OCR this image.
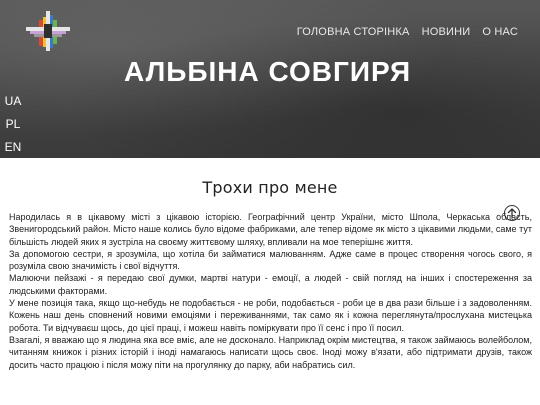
ГОЛОВНА СТОРІНКА НОВИНИ О НАС
АЛЬБІНА СОВГИРЯ
UA
PL
EN
Трохи про мене

Народилась я в цікавому місті з цікавою історією. Географічний центр України, місто Шпола, Черкаська область, Звенигородський район. Місто наше колись було відоме фабриками, але тепер відоме як місто з цікавими людьми, саме тут більшість людей яких я зустріла на своєму життєвому шляху, впливали на мое теперішнє життя.

За допомогою сестри, я зрозуміла, що хотіла би займатися малюванням. Адже саме в процес створення чогось свого, я розуміла свою значимість і свої відчуття.

Малюючи пейзажі - я передаю свої думки, мартві натури - емоції, а людей - свій погляд на інших і спостереження за людськими факторами.

У мене позиція така, якщо що-небудь не подобається - не роби, подобається - роби це в два рази більше і з задоволенням. Кожень наш день сповнений новими емоціями і переживаннями, так само як і кожна переглянута/прослухана мистецька робота. Ти відчуваєш щось, до цієї праці, і можеш навіть поміркувати про її сенс і про її посил.

Взагалі, я вважаю що я людина яка все вміє, але не досконало. Наприклад окрім мистецтва, я також займаюсь волейболом, читанням книжок і різних історій і іноді намагаюсь написати щось своє. Іноді можу в'язати, або підтримати друзів, також досить часто працюю і після можу піти на прогулянку до парку, аби набратись сил.
